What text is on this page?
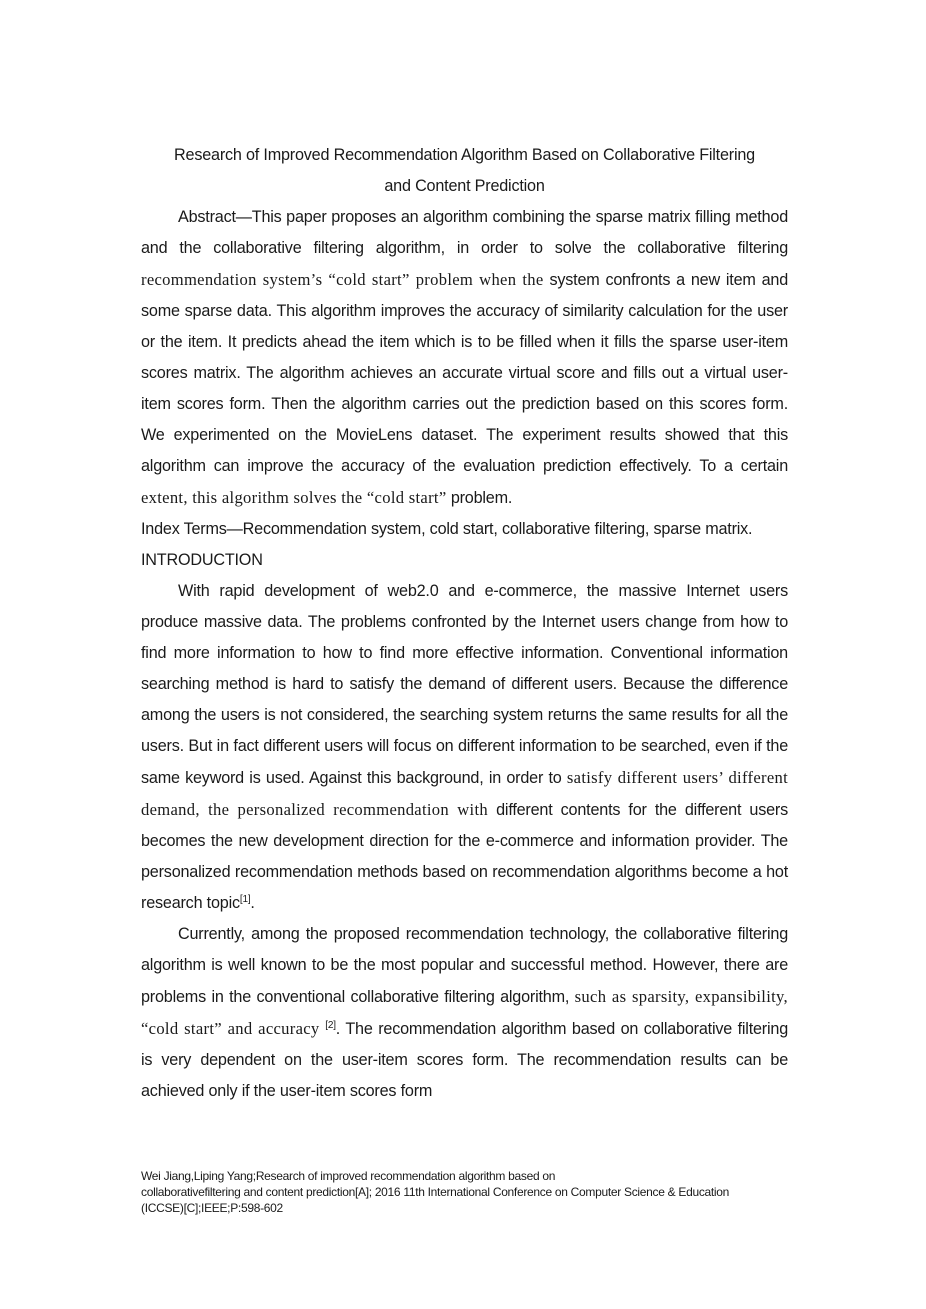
Research of Improved Recommendation Algorithm Based on Collaborative Filtering
and Content Prediction

Abstract—This paper proposes an algorithm combining the sparse matrix filling method and the collaborative filtering algorithm, in order to solve the collaborative filtering recommendation system’s “cold start” problem when the system confronts a new item and some sparse data. This algorithm improves the accuracy of similarity calculation for the user or the item. It predicts ahead the item which is to be filled when it fills the sparse user-item scores matrix. The algorithm achieves an accurate virtual score and fills out a virtual user-item scores form. Then the algorithm carries out the prediction based on this scores form. We experimented on the MovieLens dataset. The experiment results showed that this algorithm can improve the accuracy of the evaluation prediction effectively. To a certain extent, this algorithm solves the “cold start” problem.

Index Terms—Recommendation system, cold start, collaborative filtering, sparse matrix.

INTRODUCTION

With rapid development of web2.0 and e-commerce, the massive Internet users produce massive data. The problems confronted by the Internet users change from how to find more information to how to find more effective information. Conventional information searching method is hard to satisfy the demand of different users. Because the difference among the users is not considered, the searching system returns the same results for all the users. But in fact different users will focus on different information to be searched, even if the same keyword is used. Against this background, in order to satisfy different users’ different demand, the personalized recommendation with different contents for the different users becomes the new development direction for the e-commerce and information provider. The personalized recommendation methods based on recommendation algorithms become a hot research topic[1].

Currently, among the proposed recommendation technology, the collaborative filtering algorithm is well known to be the most popular and successful method. However, there are problems in the conventional collaborative filtering algorithm, such as sparsity, expansibility, “cold start” and accuracy [2]. The recommendation algorithm based on collaborative filtering is very dependent on the user-item scores form. The recommendation results can be achieved only if the user-item scores form

Wei Jiang,Liping Yang;Research of improved recommendation algorithm based on
collaborativefiltering and content prediction[A]; 2016 11th International Conference on Computer Science & Education
(ICCSE)[C];IEEE;P:598-602
